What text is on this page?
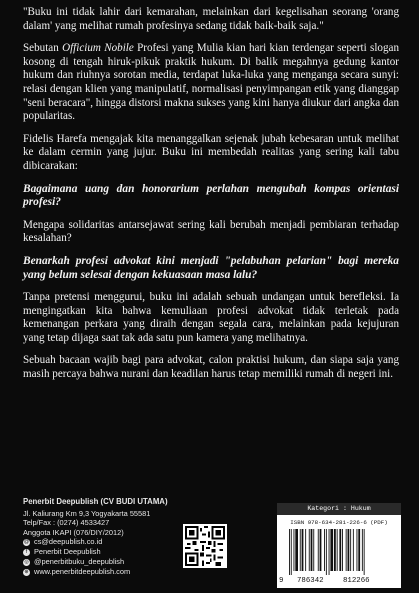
"Buku ini tidak lahir dari kemarahan, melainkan dari kegelisahan seorang 'orang dalam' yang melihat rumah profesinya sedang tidak baik-baik saja."

Sebutan Officium Nobile Profesi yang Mulia kian hari kian terdengar seperti slogan kosong di tengah hiruk-pikuk praktik hukum. Di balik megahnya gedung kantor hukum dan riuhnya sorotan media, terdapat luka-luka yang menganga secara sunyi: relasi dengan klien yang manipulatif, normalisasi penyimpangan etik yang dianggap "seni beracara", hingga distorsi makna sukses yang kini hanya diukur dari angka dan popularitas.

Fidelis Harefa mengajak kita menanggalkan sejenak jubah kebesaran untuk melihat ke dalam cermin yang jujur. Buku ini membedah realitas yang sering kali tabu dibicarakan:

Bagaimana uang dan honorarium perlahan mengubah kompas orientasi profesi?

Mengapa solidaritas antarsejawat sering kali berubah menjadi pembiaran terhadap kesalahan?

Benarkah profesi advokat kini menjadi "pelabuhan pelarian" bagi mereka yang belum selesai dengan kekuasaan masa lalu?

Tanpa pretensi menggurui, buku ini adalah sebuah undangan untuk berefleksi. Ia mengingatkan kita bahwa kemuliaan profesi advokat tidak terletak pada kemenangan perkara yang diraih dengan segala cara, melainkan pada kejujuran yang tetap dijaga saat tak ada satu pun kamera yang melihatnya.

Sebuah bacaan wajib bagi para advokat, calon praktisi hukum, dan siapa saja yang masih percaya bahwa nurani dan keadilan harus tetap memiliki rumah di negeri ini.

Penerbit Deepublish (CV BUDI UTAMA)
Jl. Kaliurang Km 9,3 Yogyakarta 55581
Telp/Fax : (0274) 4533427
Anggota IKAPI (076/DIY/2012)
@ cs@deepublish.co.id
f Penerbit Deepublish
◎ @penerbitbuku_deepublish
⊕ www.penerbitdeepublish.com
Kategori : Hukum
ISBN 978-634-281-226-6 (PDF)
9 786342	812266
